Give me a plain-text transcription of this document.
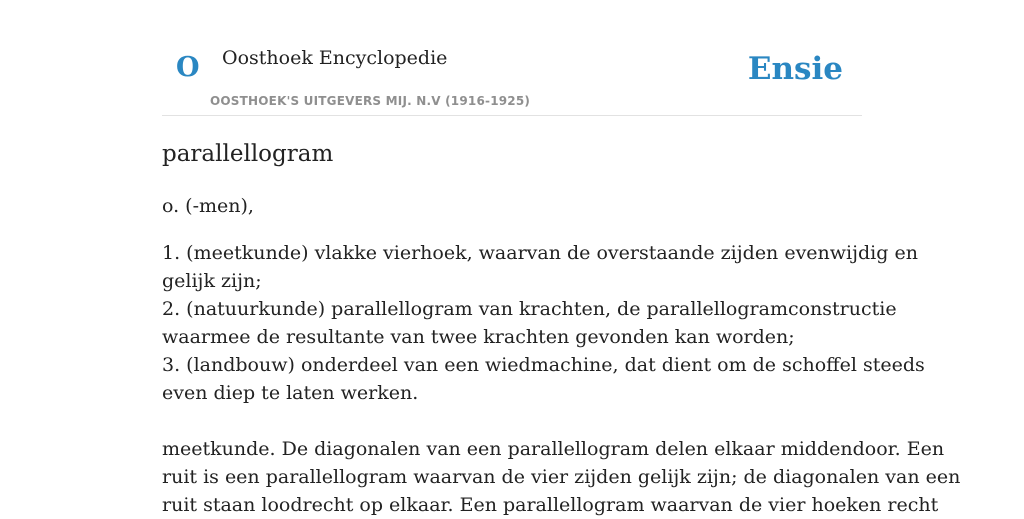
O Oosthoek Encyclopedie
OOSTHOEK'S UITGEVERS MIJ. N.V (1916-1925)
Ensie
parallellogram
o. (-men),
1. (meetkunde) vlakke vierhoek, waarvan de overstaande zijden evenwijdig en
gelijk zijn;
2. (natuurkunde) parallellogram van krachten, de parallellogramconstructie
waarmee de resultante van twee krachten gevonden kan worden;
3. (landbouw) onderdeel van een wiedmachine, dat dient om de schoffel steeds
even diep te laten werken.
meetkunde. De diagonalen van een parallellogram delen elkaar middendoor. Een
ruit is een parallellogram waarvan de vier zijden gelijk zijn; de diagonalen van een
ruit staan loodrecht op elkaar. Een parallellogram waarvan de vier hoeken recht
